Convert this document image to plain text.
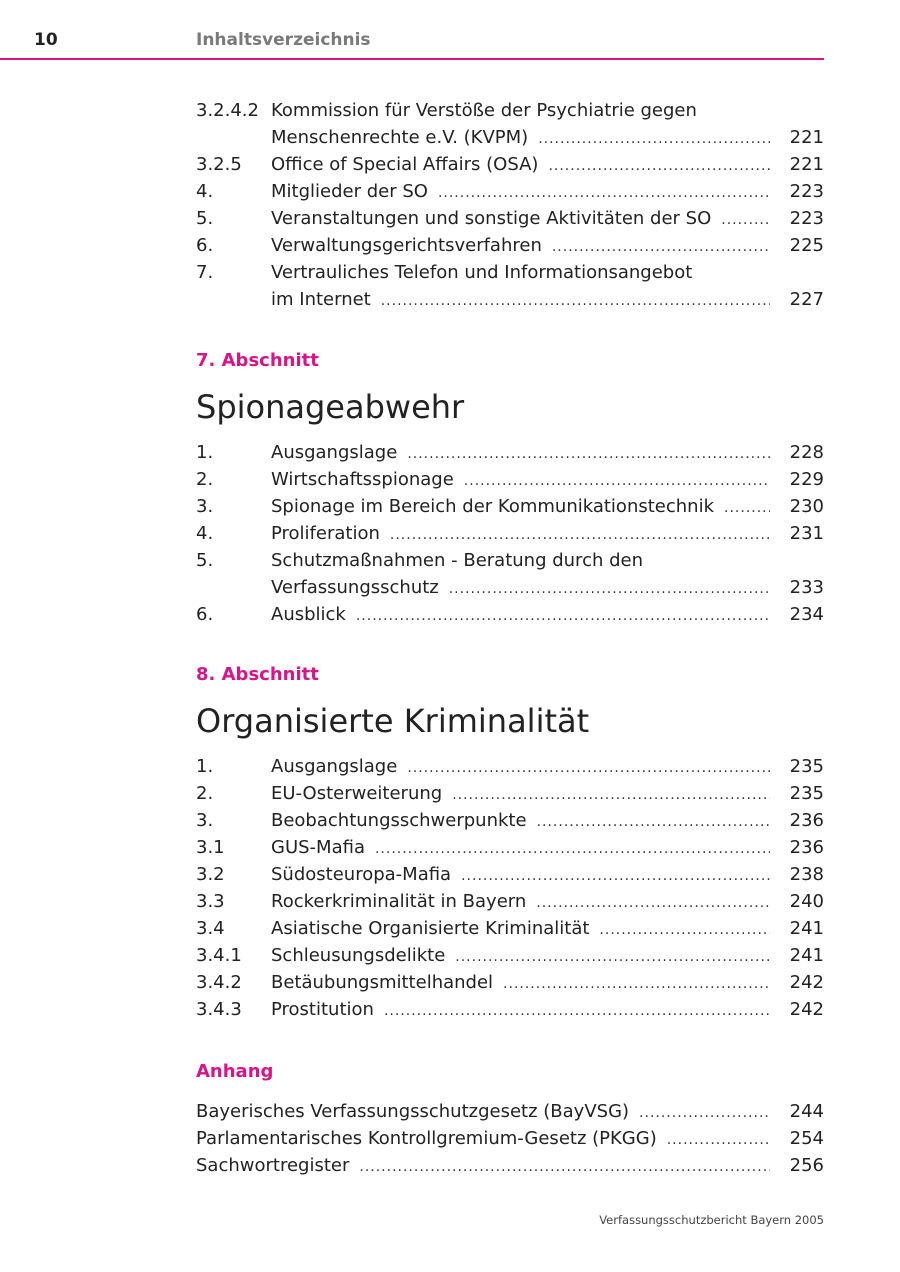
10	Inhaltsverzeichnis
3.2.4.2 Kommission für Verstöße der Psychiatrie gegen
Menschenrechte e.V. (KVPM) .....	221
3.2.5 Office of Special Affairs (OSA) .....	221
4.	Mitglieder der SO .....	223
5.	Veranstaltungen und sonstige Aktivitäten der SO .....	223
6.	Verwaltungsgerichtsverfahren .....	225
7.	Vertrauliches Telefon und Informationsangebot
im Internet .....	227
7. Abschnitt
Spionageabwehr
1.	Ausgangslage .....	228
2.	Wirtschaftsspionage .....	229
3.	Spionage im Bereich der Kommunikationstechnik .....	230
4.	Proliferation .....	231
5.	Schutzmaßnahmen - Beratung durch den
Verfassungsschutz .....	233
6.	Ausblick .....	234
8. Abschnitt
Organisierte Kriminalität
1.	Ausgangslage .....	235
2.	EU-Osterweiterung .....	235
3.	Beobachtungsschwerpunkte .....	236
3.1	GUS-Mafia .....	236
3.2	Südosteuropa-Mafia .....	238
3.3	Rockerkriminalität in Bayern .....	240
3.4	Asiatische Organisierte Kriminalität .....	241
3.4.1 Schleusungsdelikte .....	241
3.4.2 Betäubungsmittelhandel .....	242
3.4.3 Prostitution .....	242
Anhang
Bayerisches Verfassungsschutzgesetz (BayVSG) .....	244
Parlamentarisches Kontrollgremium-Gesetz (PKGG) .....	254
Sachwortregister .....	256
Verfassungsschutzbericht Bayern 2005
